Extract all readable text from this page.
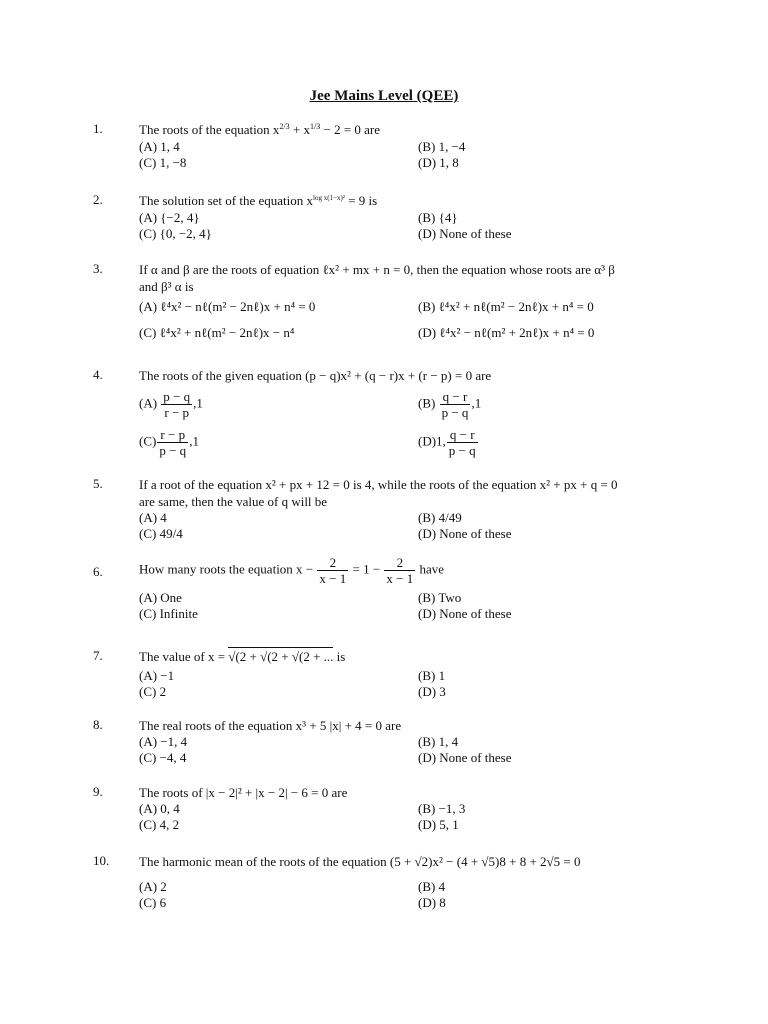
Jee Mains Level (QEE)
1.	The roots of the equation $x^{2/3} + x^{1/3} - 2 = 0$ are
(A) 1, 4	(B) 1, −4
(C) 1, −8	(D) 1, 8
2.	The solution set of the equation $x^{log x(1-x)^2} = 9$ is
(A) {−2, 4}	(B) {4}
(C) {0, −2, 4}	(D) None of these
3.	If α and β are the roots of equation ℓx² + mx + n = 0, then the equation whose roots are α³ β
and β³ α is
(A) ℓ⁴x² − nℓ(m² − 2nℓ)x + n⁴ = 0	(B) ℓ⁴x² + nℓ(m² − 2nℓ)x + n⁴ = 0
(C) ℓ⁴x² + nℓ(m² − 2nℓ)x − n⁴	(D) ℓ⁴x² − nℓ(m² + 2nℓ)x + n⁴ = 0
4.	The roots of the given equation (p − q)x² + (q − r)x + (r − p) = 0 are
$(A) \frac{p - q}{r - p} ,1$	$(B) \frac{q - r}{p - q} ,1$
$(C) \frac{r - p}{p - q} ,1$	(D)1, $\frac{q - r}{p - q}$
5.	If a root of the equation x² + px + 12 = 0 is 4, while the roots of the equation x² + px + q = 0
are same, then the value of q will be
(A) 4	(B) 4/49
(C) 49/4	(D) None of these
6.	How many roots the equation $x - \frac{2}{x - 1} = 1 - \frac{2}{x - 1}$ have
(A) One	(B) Two
(C) Infinite	(D) None of these
7.	The value of x = √(2 + √(2 + √(2 + ... is
(A) −1	(B) 1
(C) 2	(D) 3
8.	The real roots of the equation x³ + 5 |x| + 4 = 0 are
(A) −1, 4	(B) 1, 4
(C) −4, 4	(D) None of these
9.	The roots of |x − 2|² + |x − 2| − 6 = 0 are
(A) 0, 4	(B) −1, 3
(C) 4, 2	(D) 5, 1
10. The harmonic mean of the roots of the equation (5 + √2)x² − (4 + √5)8 + 8 + 2√5 = 0
(A) 2	(B) 4
(C) 6	(D) 8
